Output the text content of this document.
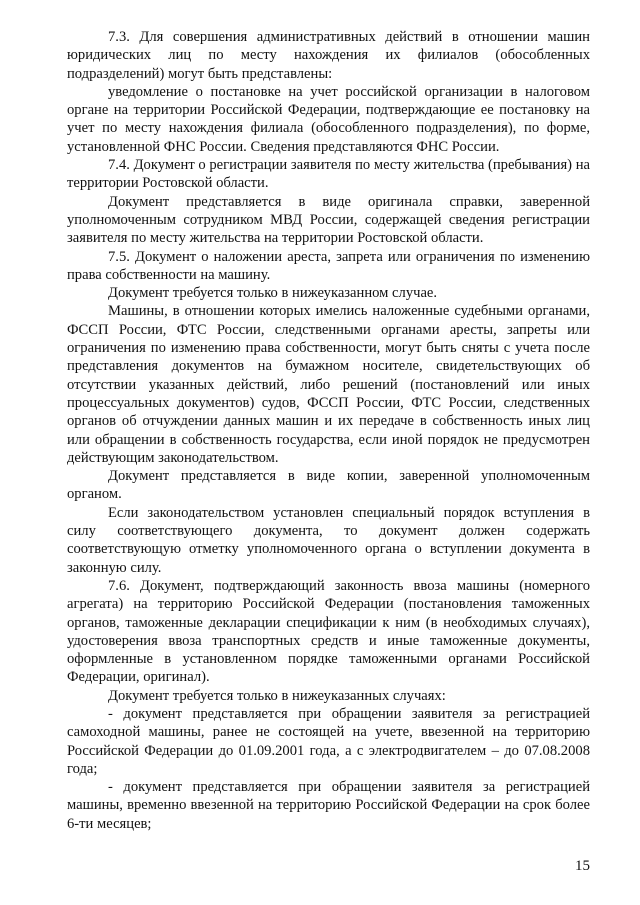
7.3. Для совершения административных действий в отношении машин юридических лиц по месту нахождения их филиалов (обособленных подразделений) могут быть представлены:

уведомление о постановке на учет российской организации в налоговом органе на территории Российской Федерации, подтверждающие ее постановку на учет по месту нахождения филиала (обособленного подразделения), по форме, установленной ФНС России. Сведения представляются ФНС России.

7.4. Документ о регистрации заявителя по месту жительства (пребывания) на территории Ростовской области.

Документ представляется в виде оригинала справки, заверенной уполномоченным сотрудником МВД России, содержащей сведения регистрации заявителя по месту жительства на территории Ростовской области.

7.5. Документ о наложении ареста, запрета или ограничения по изменению права собственности на машину.

Документ требуется только в нижеуказанном случае.

Машины, в отношении которых имелись наложенные судебными органами, ФССП России, ФТС России, следственными органами аресты, запреты или ограничения по изменению права собственности, могут быть сняты с учета после представления документов на бумажном носителе, свидетельствующих об отсутствии указанных действий, либо решений (постановлений или иных процессуальных документов) судов, ФССП России, ФТС России, следственных органов об отчуждении данных машин и их передаче в собственность иных лиц или обращении в собственность государства, если иной порядок не предусмотрен действующим законодательством.

Документ представляется в виде копии, заверенной уполномоченным органом.

Если законодательством установлен специальный порядок вступления в силу соответствующего документа, то документ должен содержать соответствующую отметку уполномоченного органа о вступлении документа в законную силу.

7.6. Документ, подтверждающий законность ввоза машины (номерного агрегата) на территорию Российской Федерации (постановления таможенных органов, таможенные декларации спецификации к ним (в необходимых случаях), удостоверения ввоза транспортных средств и иные таможенные документы, оформленные в установленном порядке таможенными органами Российской Федерации, оригинал).

Документ требуется только в нижеуказанных случаях:

- документ представляется при обращении заявителя за регистрацией самоходной машины, ранее не состоящей на учете, ввезенной на территорию Российской Федерации до 01.09.2001 года, а с электродвигателем – до 07.08.2008 года;

- документ представляется при обращении заявителя за регистрацией машины, временно ввезенной на территорию Российской Федерации на срок более 6-ти месяцев;

15
